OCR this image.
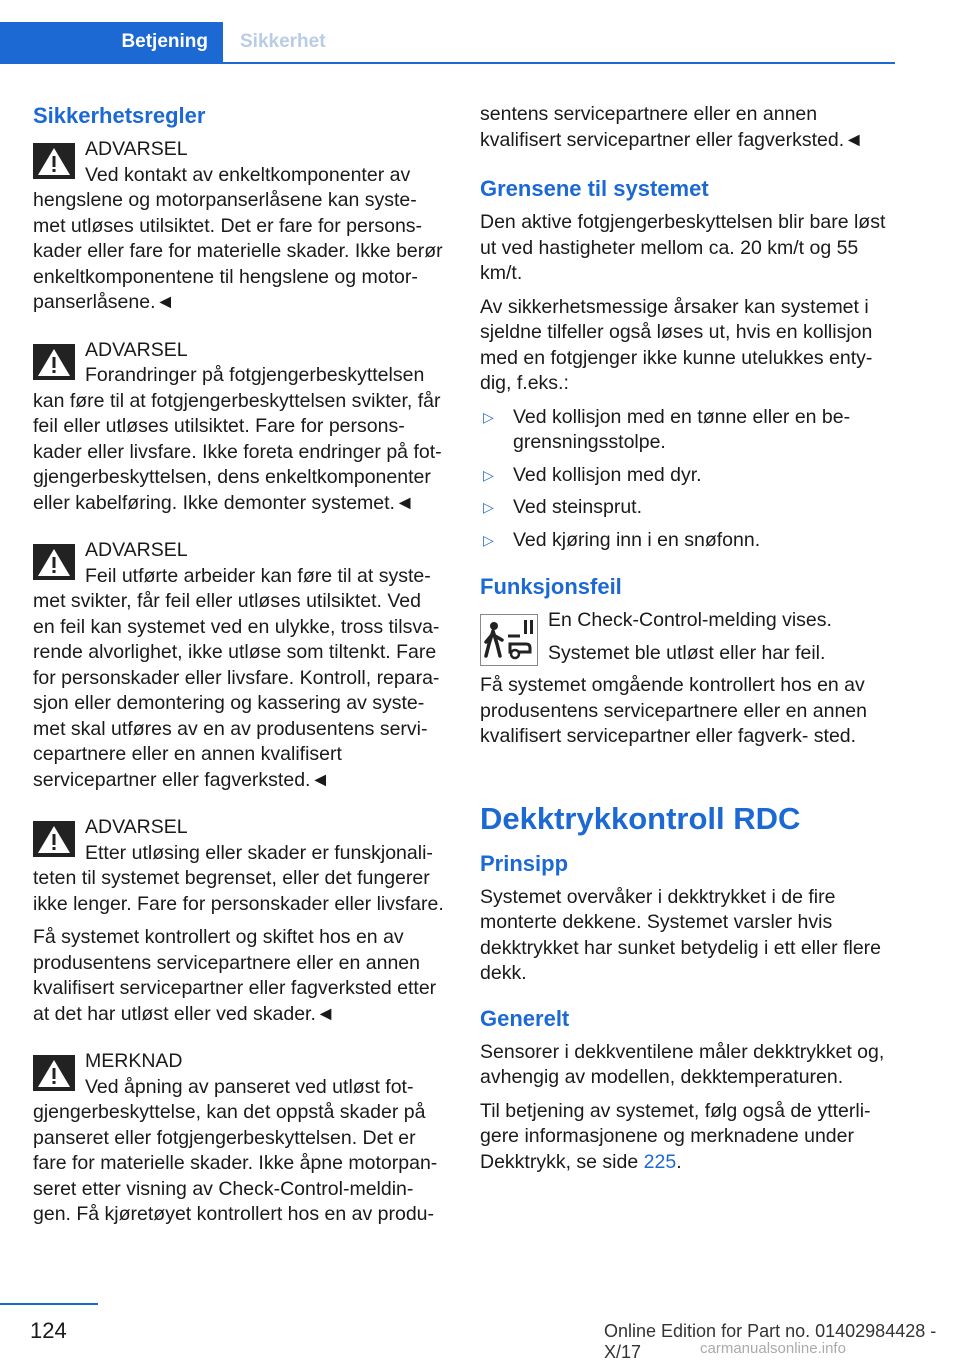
Betjening	Sikkerhet
Sikkerhetsregler
ADVARSEL

Ved kontakt av enkeltkomponenter av hengslene og motorpanserlåsene kan syste‐ met utløses utilsiktet. Det er fare for persons‐ kader eller fare for materielle skader. Ikke berør enkeltkomponentene til hengslene og motor‐ panserlåsene.◄

ADVARSEL

Forandringer på fotgjengerbeskyttelsen kan føre til at fotgjengerbeskyttelsen svikter, får feil eller utløses utilsiktet. Fare for persons‐ kader eller livsfare. Ikke foreta endringer på fot‐ gjengerbeskyttelsen, dens enkeltkomponenter eller kabelføring. Ikke demonter systemet.◄

ADVARSEL

Feil utførte arbeider kan føre til at syste‐ met svikter, får feil eller utløses utilsiktet. Ved en feil kan systemet ved en ulykke, tross tilsva‐ rende alvorlighet, ikke utløse som tiltenkt. Fare for personskader eller livsfare. Kontroll, repara‐ sjon eller demontering og kassering av syste‐ met skal utføres av en av produsentens servi‐ cepartnere eller en annen kvalifisert servicepartner eller fagverksted.◄

ADVARSEL

Etter utløsing eller skader er funskjonali‐ teten til systemet begrenset, eller det fungerer ikke lenger. Fare for personskader eller livsfare.

Få systemet kontrollert og skiftet hos en av produsentens servicepartnere eller en annen kvalifisert servicepartner eller fagverksted etter at det har utløst eller ved skader.◄

MERKNAD

Ved åpning av panseret ved utløst fot‐ gjengerbeskyttelse, kan det oppstå skader på panseret eller fotgjengerbeskyttelsen. Det er fare for materielle skader. Ikke åpne motorpan‐ seret etter visning av Check-Control-meldin‐ gen. Få kjøretøyet kontrollert hos en av produ‐

sentens servicepartnere eller en annen kvalifisert servicepartner eller fagverksted.◄

Grensene til systemet

Den aktive fotgjengerbeskyttelsen blir bare løst ut ved hastigheter mellom ca. 20 km/t og 55 km/t.

Av sikkerhetsmessige årsaker kan systemet i sjeldne tilfeller også løses ut, hvis en kollisjon med en fotgjenger ikke kunne utelukkes enty‐ dig, f.eks.:

▷ Ved kollisjon med en tønne eller en be‐ grensningsstolpe.
▷ Ved kollisjon med dyr.
▷ Ved steinsprut.
▷ Ved kjøring inn i en snøfonn.
Funksjonsfeil

En Check-Control-melding vises.

Systemet ble utløst eller har feil.

Få systemet omgående kontrollert hos en av produsentens servicepartnere eller en annen kvalifisert servicepartner eller fagverk‐ sted.

Dekktrykkontroll RDC
Prinsipp

Systemet overvåker i dekktrykket i de fire monterte dekkene. Systemet varsler hvis dekktrykket har sunket betydelig i ett eller flere dekk.

Generelt

Sensorer i dekkventilene måler dekktrykket og, avhengig av modellen, dekktemperaturen.

Til betjening av systemet, følg også de ytterli‐ gere informasjonene og merknadene under Dekktrykk, se side 225.

124	Online Edition for Part no. 01402984428 - X/17	carmanualsonline.info
